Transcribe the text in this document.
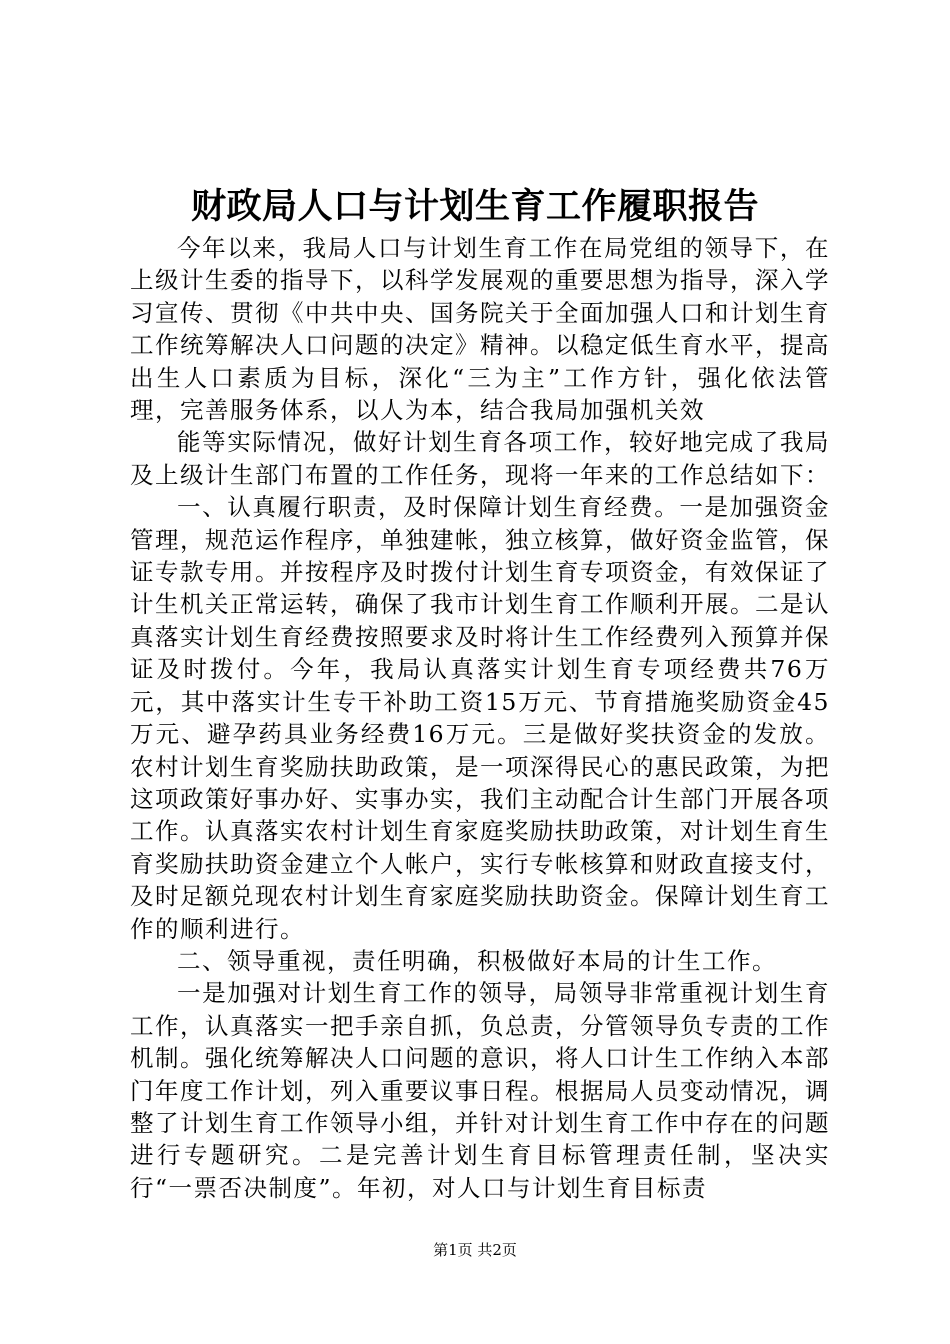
财政局人口与计划生育工作履职报告

今年以来，我局人口与计划生育工作在局党组的领导下，在上级计生委的指导下，以科学发展观的重要思想为指导，深入学习宣传、贯彻《中共中央、国务院关于全面加强人口和计划生育工作统筹解决人口问题的决定》精神。以稳定低生育水平，提高出生人口素质为目标，深化“三为主”工作方针，强化依法管理，完善服务体系，以人为本，结合我局加强机关效

能等实际情况，做好计划生育各项工作，较好地完成了我局及上级计生部门布置的工作任务，现将一年来的工作总结如下：

一、认真履行职责，及时保障计划生育经费。一是加强资金管理，规范运作程序，单独建帐，独立核算，做好资金监管，保证专款专用。并按程序及时拨付计划生育专项资金，有效保证了计生机关正常运转，确保了我市计划生育工作顺利开展。二是认真落实计划生育经费按照要求及时将计生工作经费列入预算并保证及时拨付。今年，我局认真落实计划生育专项经费共76万元，其中落实计生专干补助工资15万元、节育措施奖励资金45万元、避孕药具业务经费16万元。三是做好奖扶资金的发放。农村计划生育奖励扶助政策，是一项深得民心的惠民政策，为把这项政策好事办好、实事办实，我们主动配合计生部门开展各项工作。认真落实农村计划生育家庭奖励扶助政策，对计划生育生育奖励扶助资金建立个人帐户，实行专帐核算和财政直接支付，及时足额兑现农村计划生育家庭奖励扶助资金。保障计划生育工作的顺利进行。

二、领导重视，责任明确，积极做好本局的计生工作。

一是加强对计划生育工作的领导，局领导非常重视计划生育工作，认真落实一把手亲自抓，负总责，分管领导负专责的工作机制。强化统筹解决人口问题的意识，将人口计生工作纳入本部门年度工作计划，列入重要议事日程。根据局人员变动情况，调整了计划生育工作领导小组，并针对计划生育工作中存在的问题进行专题研究。二是完善计划生育目标管理责任制，坚决实行“一票否决制度”。年初，对人口与计划生育目标责

第1页 共2页
